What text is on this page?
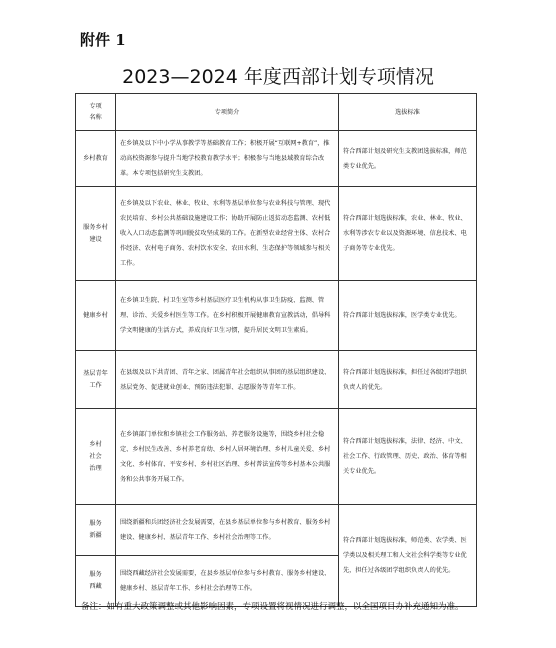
附件 1
2023—2024 年度西部计划专项情况
专项
名称	专项简介	选拔标准
乡村教育	在乡镇及以下中小学从事教学等基础教育工作；积极开展“互联网+教育”，推动高校资源参与提升当地学校教育教学水平；积极参与当地县域教育综合改革。本专项包括研究生支教团。	符合西部计划及研究生支教团选拔标准，师范类专业优先。
服务乡村
建设	在乡镇及以下农业、林业、牧业、水利等基层单位参与农业科技与管理、现代农民培育、乡村公共基础设施建设工作；协助开展防止返贫动态监测、农村低收入人口动态监测等巩固脱贫攻坚成果的工作。在新型农业经营主体、农村合作经济、农村电子商务、农村饮水安全、农田水利、生态保护等领域参与相关工作。	符合西部计划选拔标准，农业、林业、牧业、水利等涉农专业以及资源环境、信息技术、电子商务等专业优先。
健康乡村	在乡镇卫生院、村卫生室等乡村基层医疗卫生机构从事卫生防疫、监测、管理、诊治、关爱乡村医生等工作。在乡村积极开展健康教育宣教活动，倡导科学文明健康的生活方式，养成良好卫生习惯，提升居民文明卫生素质。	符合西部计划选拔标准，医学类专业优先。
基层青年
工作	在县级及以下共青团、青年之家、团属青年社会组织从事团的基层组织建设、基层党务、促进就业创业、预防违法犯罪、志愿服务等青年工作。	符合西部计划选拔标准，担任过各级团学组织负责人的优先。
乡村
社会
治理	在乡镇部门单位和乡镇社会工作服务站、养老服务设施等，围绕乡村社会稳定、乡村民生改善、乡村养老育幼、乡村人居环境治理、乡村儿童关爱、乡村文化、乡村体育、平安乡村、乡村社区治理、乡村普法宣传等乡村基本公共服务和公共事务开展工作。	符合西部计划选拔标准，法律、经济、中文、社会工作、行政管理、历史、政治、体育等相关专业优先。
服务
新疆	围绕新疆和兵团经济社会发展需要，在县乡基层单位参与乡村教育、服务乡村建设、健康乡村、基层青年工作、乡村社会治理等工作。	符合西部计划选拔标准，师范类、农学类、医学类以及相关理工和人文社会科学类等专业优先，担任过各级团学组织负责人的优先。
服务
西藏	围绕西藏经济社会发展需要，在县乡基层单位参与乡村教育、服务乡村建设、健康乡村、基层青年工作、乡村社会治理等工作。	
备注：如有重大政策调整或其他影响因素，专项设置将视情况进行调整，以全国项目办补充通知为准。
